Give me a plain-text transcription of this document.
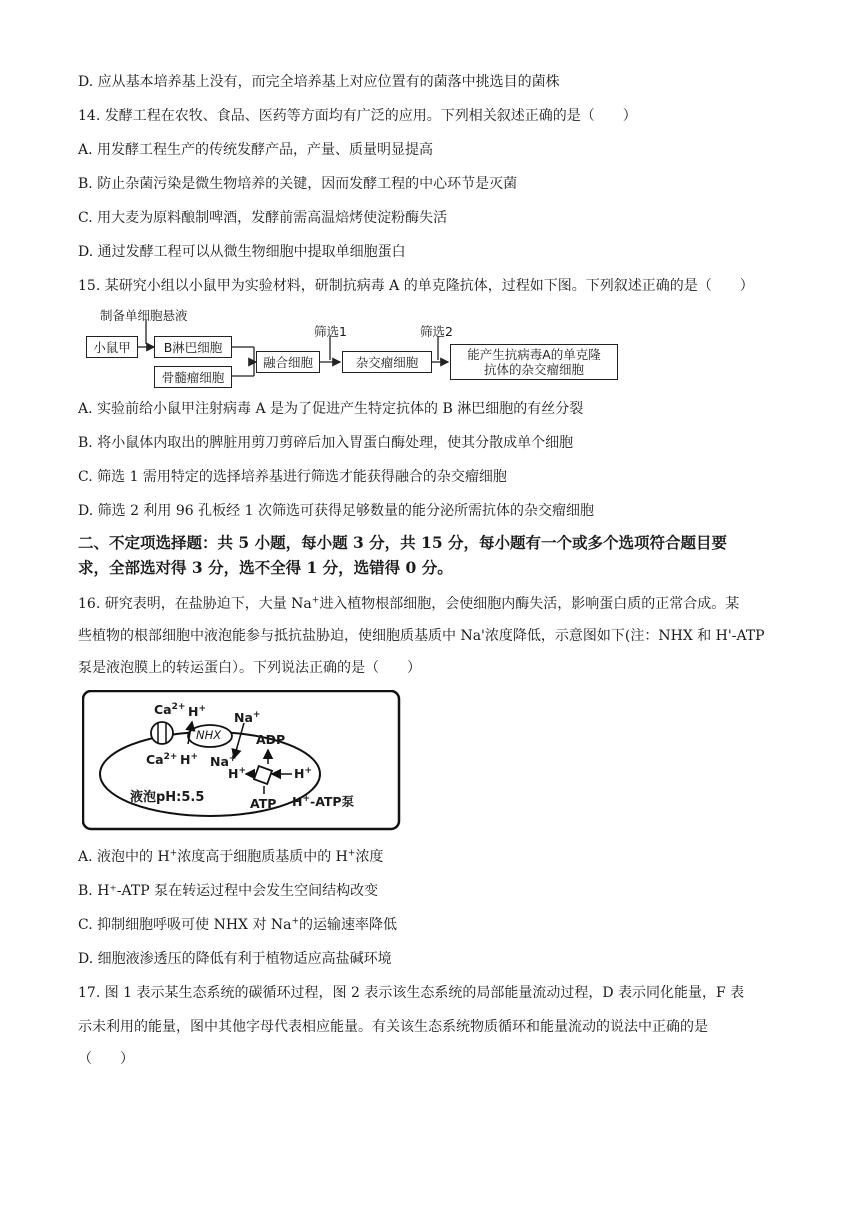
D. 应从基本培养基上没有，而完全培养基上对应位置有的菌落中挑选目的菌株
14. 发酵工程在农牧、食品、医药等方面均有广泛的应用。下列相关叙述正确的是（　　）
A. 用发酵工程生产的传统发酵产品，产量、质量明显提高
B. 防止杂菌污染是微生物培养的关键，因而发酵工程的中心环节是灭菌
C. 用大麦为原料酿制啤酒，发酵前需高温焙烤使淀粉酶失活
D. 通过发酵工程可以从微生物细胞中提取单细胞蛋白
15. 某研究小组以小鼠甲为实验材料，研制抗病毒 A 的单克隆抗体，过程如下图。下列叙述正确的是（　　）
制备单细胞悬液
小鼠甲	B淋巴细胞
骨髓瘤细胞
融合细胞
筛选1
杂交瘤细胞
筛选2
能产生抗病毒A的单克隆
抗体的杂交瘤细胞
A. 实验前给小鼠甲注射病毒 A 是为了促进产生特定抗体的 B 淋巴细胞的有丝分裂
B. 将小鼠体内取出的脾脏用剪刀剪碎后加入胃蛋白酶处理，使其分散成单个细胞
C. 筛选 1 需用特定的选择培养基进行筛选才能获得融合的杂交瘤细胞
D. 筛选 2 利用 96 孔板经 1 次筛选可获得足够数量的能分泌所需抗体的杂交瘤细胞
二、不定项选择题：共 5 小题，每小题 3 分，共 15 分，每小题有一个或多个选项符合题目要
求，全部选对得 3 分，选不全得 1 分，选错得 0 分。
16. 研究表明，在盐胁迫下，大量 Na+进入植物根部细胞，会使细胞内酶失活，影响蛋白质的正常合成。某
些植物的根部细胞中液泡能参与抵抗盐胁迫，使细胞质基质中 Na'浓度降低，示意图如下(注：NHX 和 H'-ATP
泵是液泡膜上的转运蛋白）。下列说法正确的是（　　）
$Ca^{2+}$ H+
Na+
NHX	ADP
$Ca^{2+}$ H+ Na+
H+	H+
液泡pH:5.5	ATP H+-ATP泵
A. 液泡中的 H+浓度高于细胞质基质中的 H+浓度
B. H⁺-ATP 泵在转运过程中会发生空间结构改变
C. 抑制细胞呼吸可使 NHX 对 Na+的运输速率降低
D. 细胞液渗透压的降低有利于植物适应高盐碱环境
17. 图 1 表示某生态系统的碳循环过程，图 2 表示该生态系统的局部能量流动过程，D 表示同化能量，F 表
示未利用的能量，图中其他字母代表相应能量。有关该生态系统物质循环和能量流动的说法中正确的是
（　　）
